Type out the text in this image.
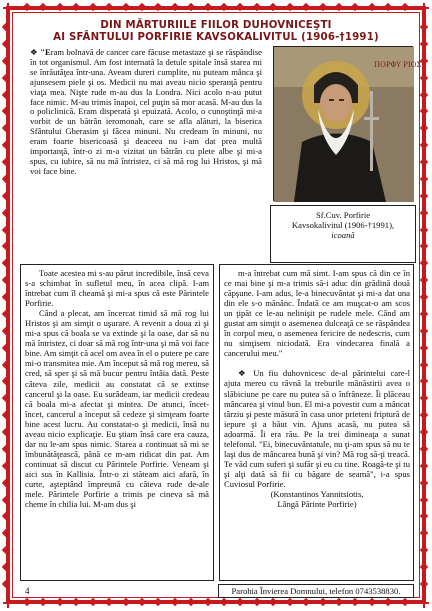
DIN MĂRTURIILE FIILOR DUHOVNICEŞTI
AI SFÂNTULUI PORFIRIE KAVSOKALIVITUL (1906-†1991)

❖ "Eram bolnavă de cancer care făcuse metastaze şi se răspândise în tot organismul. Am fost internată la detule spitale însă starea mi se înrăutăţea într-una. Aveam dureri cumplite, nu puteam mânca şi ajunsesem piele şi os. Medicii nu mai aveau nicio speranţă pentru viaţa mea. Nişte rude m-au dus la Londra. Nici acolo n-au putut face nimic. M-au trimis înapoi, cel puţin să mor acasă. M-au dus la o policlinică. Eram disperată şi epuizată. Acolo, o cunoştinţă mi-a vorbit de un bătrân ieromonah, care se afla alături, la biserica Sfântului Gherasim şi făcea minuni. Nu credeam în minuni, nu eram foarte bisericoasă şi deaceea nu i-am dat prea multă importanţă, într-o zi m-a vizitat un bătrân cu plete albe şi mi-a spus, cu iubire, să nu mă întristez, ci să mă rog lui Hristos, şi mă voi face bine.

ΠΟΡΦΥ ΡΙΟΣ
Sf.Cuv. Porfirie
Kavsokalivitul (1906-†1991),
icoană

Toate acestea mi s-au părut incredibile, însă ceva s-a schimbat în sufletul meu, în acea clipă. I-am întrebat cum îl cheamă şi mi-a spus că este Părintele Porfirie.

Când a plecat, am încercat timid să mă rog lui Hristos şi am simţit o uşurare. A revenit a doua zi şi mi-a spus că boala se va extinde şi la oase, dar să nu mă întristez, ci doar să mă rog într-una şi mă voi face bine. Am simţit că acel om avea în el o putere pe care mi-o transmitea mie. Am început să mă rog mereu, să cred, să sper şi să mă bucur pentru întâia dată. Peste câteva zile, medicii au constatat că se extinse cancerul şi la oase. Eu surâdeam, iar medicii credeau că boala mi-a afectat şi mintea. De atunci, încet-încet, cancerul a început să cedeze şi simţeam foarte bine acest lucru. Au constatat-o şi medicii, însă nu aveau nicio explicaţie. Eu ştiam însă care era cauza, dar nu le-am spus nimic. Starea a continuat să mi se îmbunătăţească, până ce m-am ridicat din pat. Am continuat să discut cu Părintele Porfirie. Veneam şi aici sus în Kallisia. Într-o zi stăteam aici afară, în curte, aşteptând împreună cu câteva rude de-ale mele. Părintele Porfirie a trimis pe cineva să mă cheme în chilia lui. M-am dus şi

m-a întrebat cum mă simt. I-am spus că din ce în ce mai bine şi m-a trimis să-i aduc din grădină două căpşune. I-am adus, le-a binecuvântat şi mi-a dat una din ele s-o mănânc. Îndată ce am muşcat-o am scos un ţipăt ce le-au nelinişit pe rudele mele. Când am gustat am simţit o asemenea dulceaţă ce se răspândea în corpul meu, o asemenea fericire de nedescris, cum nu simţisem niciodată. Era vindecarea finală a cancerului meu."

❖ Un fiu duhovnicesc de-al părintelui care-l ajuta mereu cu râvnă la treburile mânăstirii avea o slăbiciune pe care nu putea să o înfrâneze. Îi plăceau mâncarea şi vinul bun. El mi-a povestit cum a mâncat târziu şi peste măsură în casa unor prieteni friptură de iepure şi a băut vin. Ajuns acasă, nu putea să adoarmă. Îi era rău. Pe la trei dimineaţa a sunat telefonul. "Ei, binecuvântatule, nu ţi-am spus să nu te laşi dus de mâncarea bună şi vin? Mă rog să-ţi treacă. Te văd cum suferi şi sufăr şi eu cu tine. Roagă-te şi tu şi alţi dată să fii cu băgare de seamă", i-a spus Cuviosul Porfirie.

(Konstantinos Yannitsiotis,

Lângă Părinte Porfirie)

4	Parohia Învierea Domnului, telefon 0743538830.
